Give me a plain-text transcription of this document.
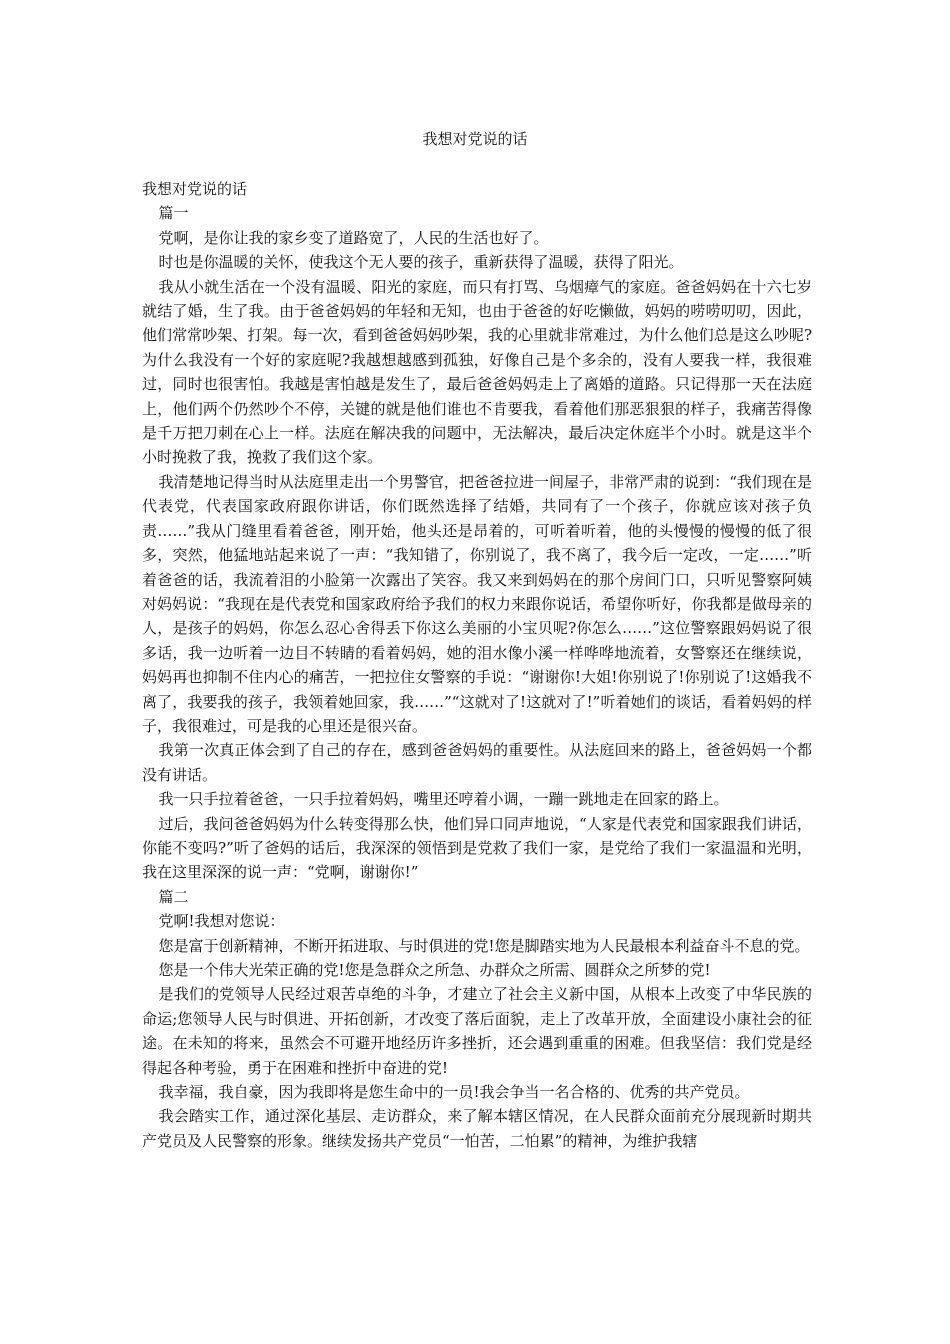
我想对党说的话

我想对党说的话

篇一

党啊，是你让我的家乡变了道路宽了，人民的生活也好了。

时也是你温暖的关怀，使我这个无人要的孩子，重新获得了温暖，获得了阳光。

我从小就生活在一个没有温暖、阳光的家庭，而只有打骂、乌烟瘴气的家庭。爸爸妈妈在十六七岁就结了婚，生了我。由于爸爸妈妈的年轻和无知，也由于爸爸的好吃懒做，妈妈的唠唠叨叨，因此，他们常常吵架、打架。每一次，看到爸爸妈妈吵架，我的心里就非常难过，为什么他们总是这么吵呢?为什么我没有一个好的家庭呢?我越想越感到孤独，好像自己是个多余的，没有人要我一样，我很难过，同时也很害怕。我越是害怕越是发生了，最后爸爸妈妈走上了离婚的道路。只记得那一天在法庭上，他们两个仍然吵个不停，关键的就是他们谁也不肯要我，看着他们那恶狠狠的样子，我痛苦得像是千万把刀刺在心上一样。法庭在解决我的问题中，无法解决，最后决定休庭半个小时。就是这半个小时挽救了我，挽救了我们这个家。

我清楚地记得当时从法庭里走出一个男警官，把爸爸拉进一间屋子，非常严肃的说到：“我们现在是代表党，代表国家政府跟你讲话，你们既然选择了结婚，共同有了一个孩子，你就应该对孩子负责……”我从门缝里看着爸爸，刚开始，他头还是昂着的，可听着听着，他的头慢慢的慢慢的低了很多，突然，他猛地站起来说了一声：“我知错了，你别说了，我不离了，我今后一定改，一定……”听着爸爸的话，我流着泪的小脸第一次露出了笑容。我又来到妈妈在的那个房间门口，只听见警察阿姨对妈妈说：“我现在是代表党和国家政府给予我们的权力来跟你说话，希望你听好，你我都是做母亲的人，是孩子的妈妈，你怎么忍心舍得丢下你这么美丽的小宝贝呢?你怎么……”这位警察跟妈妈说了很多话，我一边听着一边目不转睛的看着妈妈，她的泪水像小溪一样哗哗地流着，女警察还在继续说，妈妈再也抑制不住内心的痛苦，一把拉住女警察的手说：“谢谢你!大姐!你别说了!你别说了!这婚我不离了，我要我的孩子，我领着她回家，我……”“这就对了!这就对了!”听着她们的谈话，看着妈妈的样子，我很难过，可是我的心里还是很兴奋。

我第一次真正体会到了自己的存在，感到爸爸妈妈的重要性。从法庭回来的路上，爸爸妈妈一个都没有讲话。

我一只手拉着爸爸，一只手拉着妈妈，嘴里还哼着小调，一蹦一跳地走在回家的路上。

过后，我问爸爸妈妈为什么转变得那么快，他们异口同声地说，“人家是代表党和国家跟我们讲话，你能不变吗?”听了爸妈的话后，我深深的领悟到是党救了我们一家，是党给了我们一家温温和光明，我在这里深深的说一声：“党啊，谢谢你!”

篇二

党啊!我想对您说：

您是富于创新精神，不断开拓进取、与时俱进的党!您是脚踏实地为人民最根本利益奋斗不息的党。

您是一个伟大光荣正确的党!您是急群众之所急、办群众之所需、圆群众之所梦的党!

是我们的党领导人民经过艰苦卓绝的斗争，才建立了社会主义新中国，从根本上改变了中华民族的命运;您领导人民与时俱进、开拓创新，才改变了落后面貌，走上了改革开放，全面建设小康社会的征途。在未知的将来，虽然会不可避开地经历许多挫折，还会遇到重重的困难。但我坚信：我们党是经得起各种考验，勇于在困难和挫折中奋进的党!

我幸福，我自豪，因为我即将是您生命中的一员!我会争当一名合格的、优秀的共产党员。

我会踏实工作，通过深化基层、走访群众，来了解本辖区情况，在人民群众面前充分展现新时期共产党员及人民警察的形象。继续发扬共产党员“一怕苦，二怕累”的精神，为维护我辖
